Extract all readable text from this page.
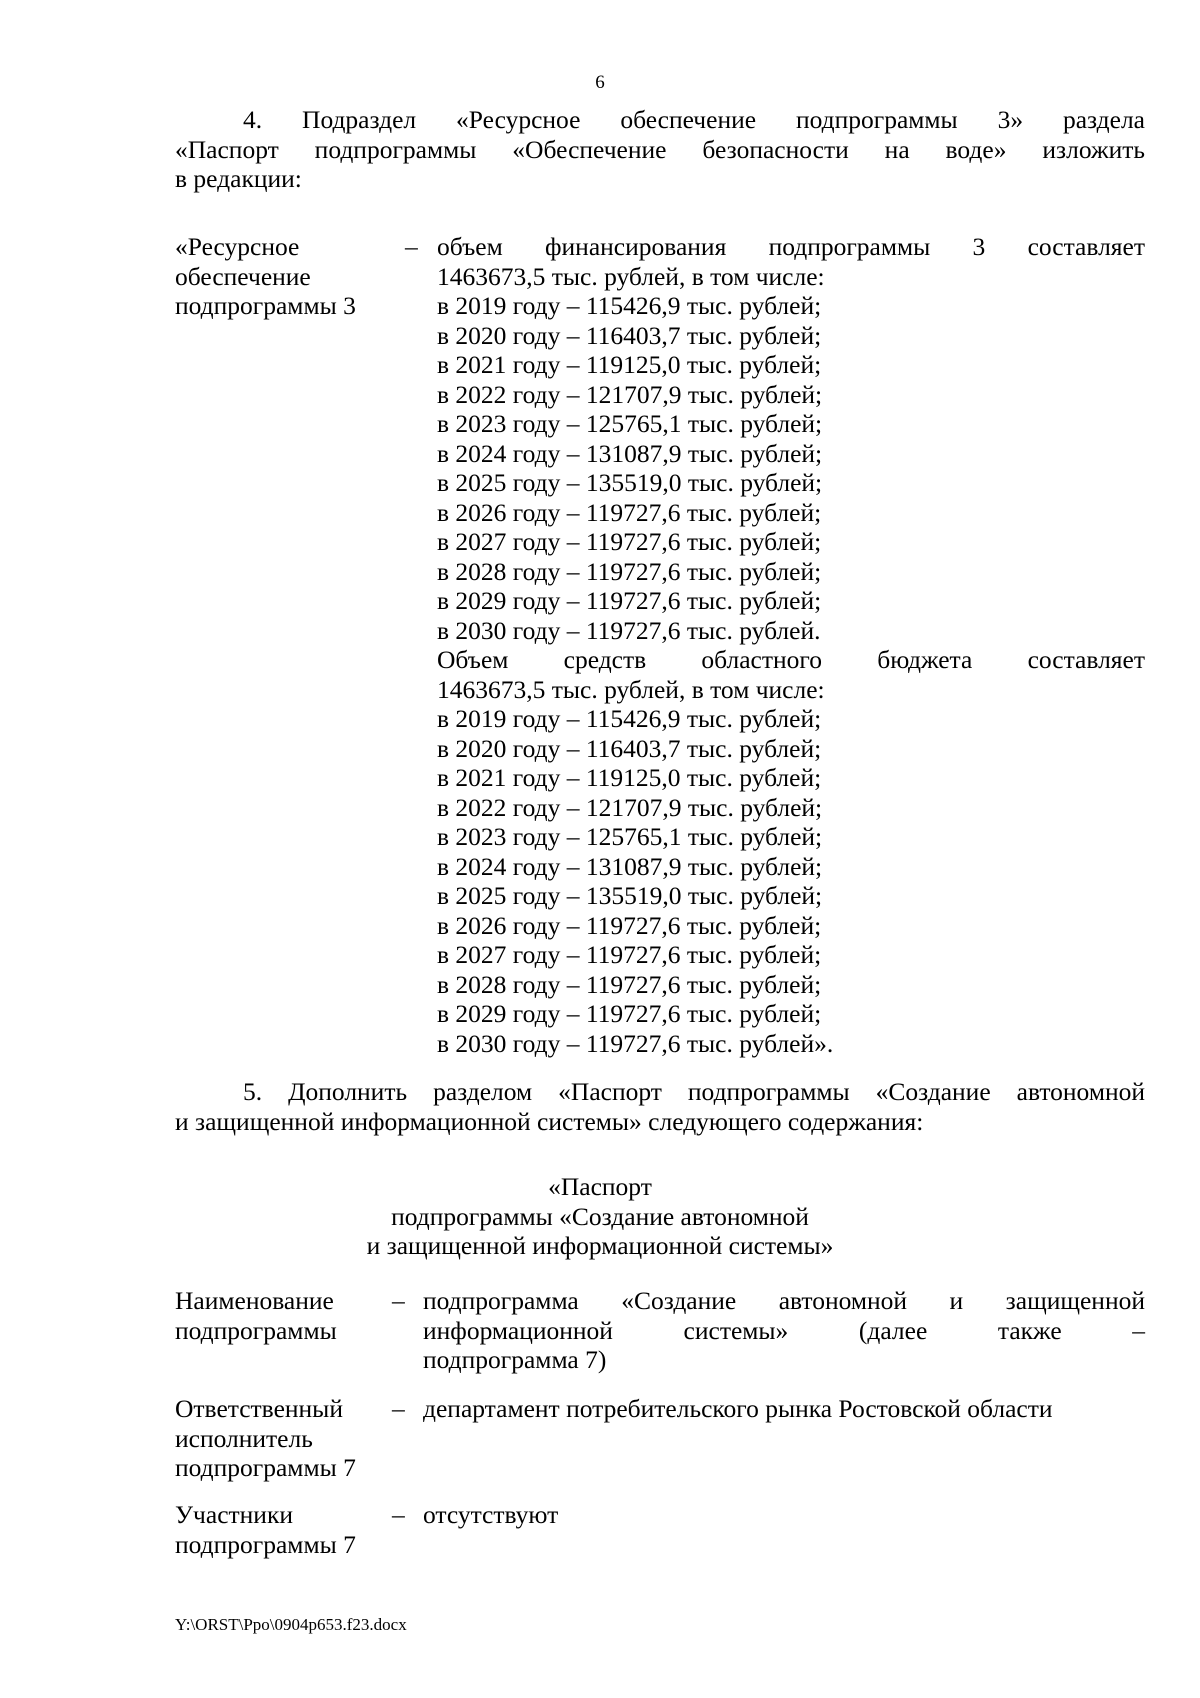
6
4. Подраздел «Ресурсное обеспечение подпрограммы 3» раздела
«Паспорт подпрограммы «Обеспечение безопасности на воде» изложить
в редакции:
«Ресурсное
обеспечение
подпрограммы 3
– объем финансирования подпрограммы 3 составляет
1463673,5 тыс. рублей, в том числе:
в 2019 году – 115426,9 тыс. рублей;
в 2020 году – 116403,7 тыс. рублей;
в 2021 году – 119125,0 тыс. рублей;
в 2022 году – 121707,9 тыс. рублей;
в 2023 году – 125765,1 тыс. рублей;
в 2024 году – 131087,9 тыс. рублей;
в 2025 году – 135519,0 тыс. рублей;
в 2026 году – 119727,6 тыс. рублей;
в 2027 году – 119727,6 тыс. рублей;
в 2028 году – 119727,6 тыс. рублей;
в 2029 году – 119727,6 тыс. рублей;
в 2030 году – 119727,6 тыс. рублей.
Объем средств областного бюджета составляет
1463673,5 тыс. рублей, в том числе:
в 2019 году – 115426,9 тыс. рублей;
в 2020 году – 116403,7 тыс. рублей;
в 2021 году – 119125,0 тыс. рублей;
в 2022 году – 121707,9 тыс. рублей;
в 2023 году – 125765,1 тыс. рублей;
в 2024 году – 131087,9 тыс. рублей;
в 2025 году – 135519,0 тыс. рублей;
в 2026 году – 119727,6 тыс. рублей;
в 2027 году – 119727,6 тыс. рублей;
в 2028 году – 119727,6 тыс. рублей;
в 2029 году – 119727,6 тыс. рублей;
в 2030 году – 119727,6 тыс. рублей».
5. Дополнить разделом «Паспорт подпрограммы «Создание автономной
и защищенной информационной системы» следующего содержания:
«Паспорт
подпрограммы «Создание автономной
и защищенной информационной системы»
Наименование
подпрограммы
– подпрограмма «Создание автономной и защищенной
информационной системы» (далее также –
подпрограмма 7)
Ответственный
исполнитель
подпрограммы 7
– департамент потребительского рынка Ростовской области
Участники
подпрограммы 7
– отсутствуют
Y:\ORST\Ppo\0904p653.f23.docx
